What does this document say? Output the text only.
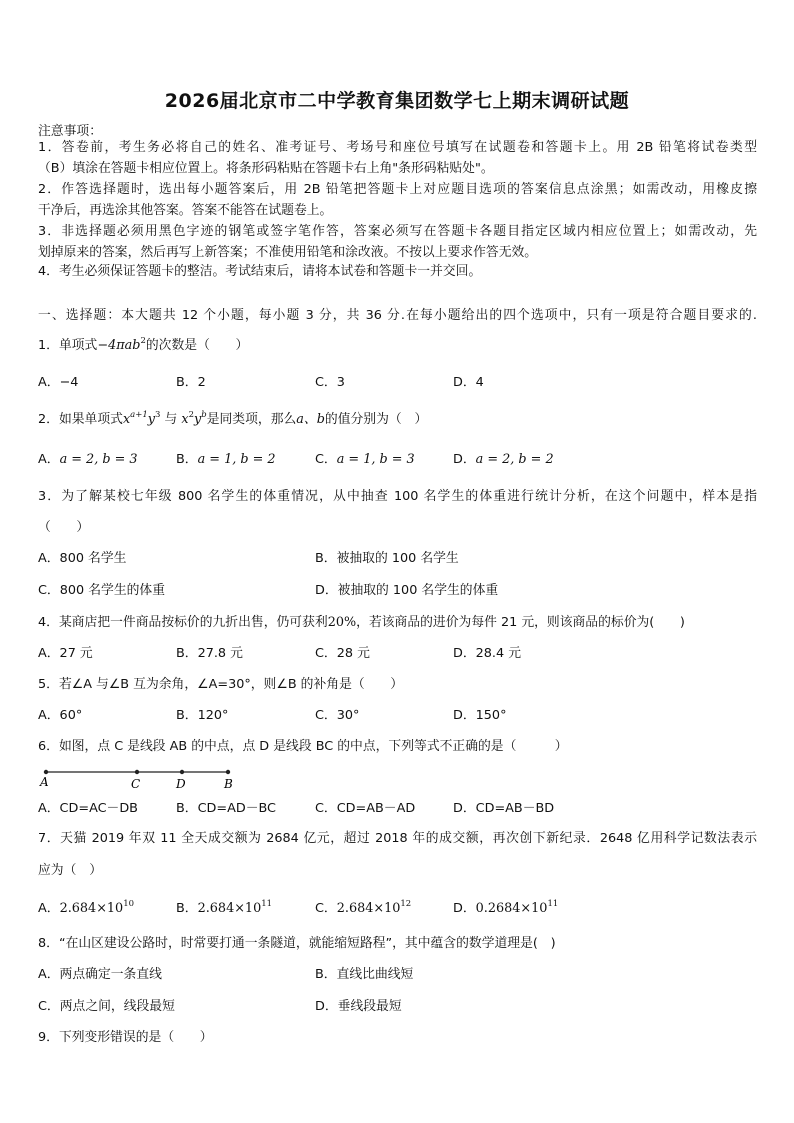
2026届北京市二中学教育集团数学七上期末调研试题
注意事项：
1．答卷前，考生务必将自己的姓名、准考证号、考场号和座位号填写在试题卷和答题卡上。用 2B 铅笔将试卷类型
（B）填涂在答题卡相应位置上。将条形码粘贴在答题卡右上角"条形码粘贴处"。
2．作答选择题时，选出每小题答案后，用 2B 铅笔把答题卡上对应题目选项的答案信息点涂黑；如需改动，用橡皮擦
干净后，再选涂其他答案。答案不能答在试题卷上。
3．非选择题必须用黑色字迹的钢笔或签字笔作答，答案必须写在答题卡各题目指定区域内相应位置上；如需改动，先
划掉原来的答案，然后再写上新答案；不准使用铅笔和涂改液。不按以上要求作答无效。
4．考生必须保证答题卡的整洁。考试结束后，请将本试卷和答题卡一并交回。
一、选择题：本大题共 12 个小题，每小题 3 分，共 36 分.在每小题给出的四个选项中，只有一项是符合题目要求的.
1．单项式−4πab$^2$的次数是（　　）
A．−4	B．2	C．3	D．4
2．如果单项式$x^{a+1}y^3$ 与 $x^2y^b$是同类项，那么a、b的值分别为（　）
A．a = 2, b = 3	B．a = 1, b = 2	C．a = 1, b = 3	D．a = 2, b = 2
3．为了解某校七年级 800 名学生的体重情况，从中抽查 100 名学生的体重进行统计分析，在这个问题中，样本是指
（　　）
A．800 名学生	B．被抽取的 100 名学生
C．800 名学生的体重	D．被抽取的 100 名学生的体重
4．某商店把一件商品按标价的九折出售，仍可获利20%，若该商品的进价为每件 21 元，则该商品的标价为(　　)
A．27 元	B．27.8 元	C．28 元	D．28.4 元
5．若∠A 与∠B 互为余角，∠A=30°，则∠B 的补角是（　　）
A．60°	B．120°	C．30°	D．150°
6．如图，点 C 是线段 AB 的中点，点 D 是线段 BC 的中点，下列等式不正确的是（　　　）
A	C	D	B
A．CD=AC－DB	B．CD=AD－BC	C．CD=AB－AD	D．CD=AB－BD
7．天猫 2019 年双 11 全天成交额为 2684 亿元，超过 2018 年的成交额，再次创下新纪录．2648 亿用科学记数法表示
应为（　）
A．$2.684\times 10^{10}$	B．$2.684\times 10^{11}$	C．$2.684\times 10^{12}$	D．$0.2684\times 10^{11}$
8．“在山区建设公路时，时常要打通一条隧道，就能缩短路程”，其中蕴含的数学道理是(　)
A．两点确定一条直线	B．直线比曲线短
C．两点之间，线段最短	D．垂线段最短
9．下列变形错误的是（　　）
